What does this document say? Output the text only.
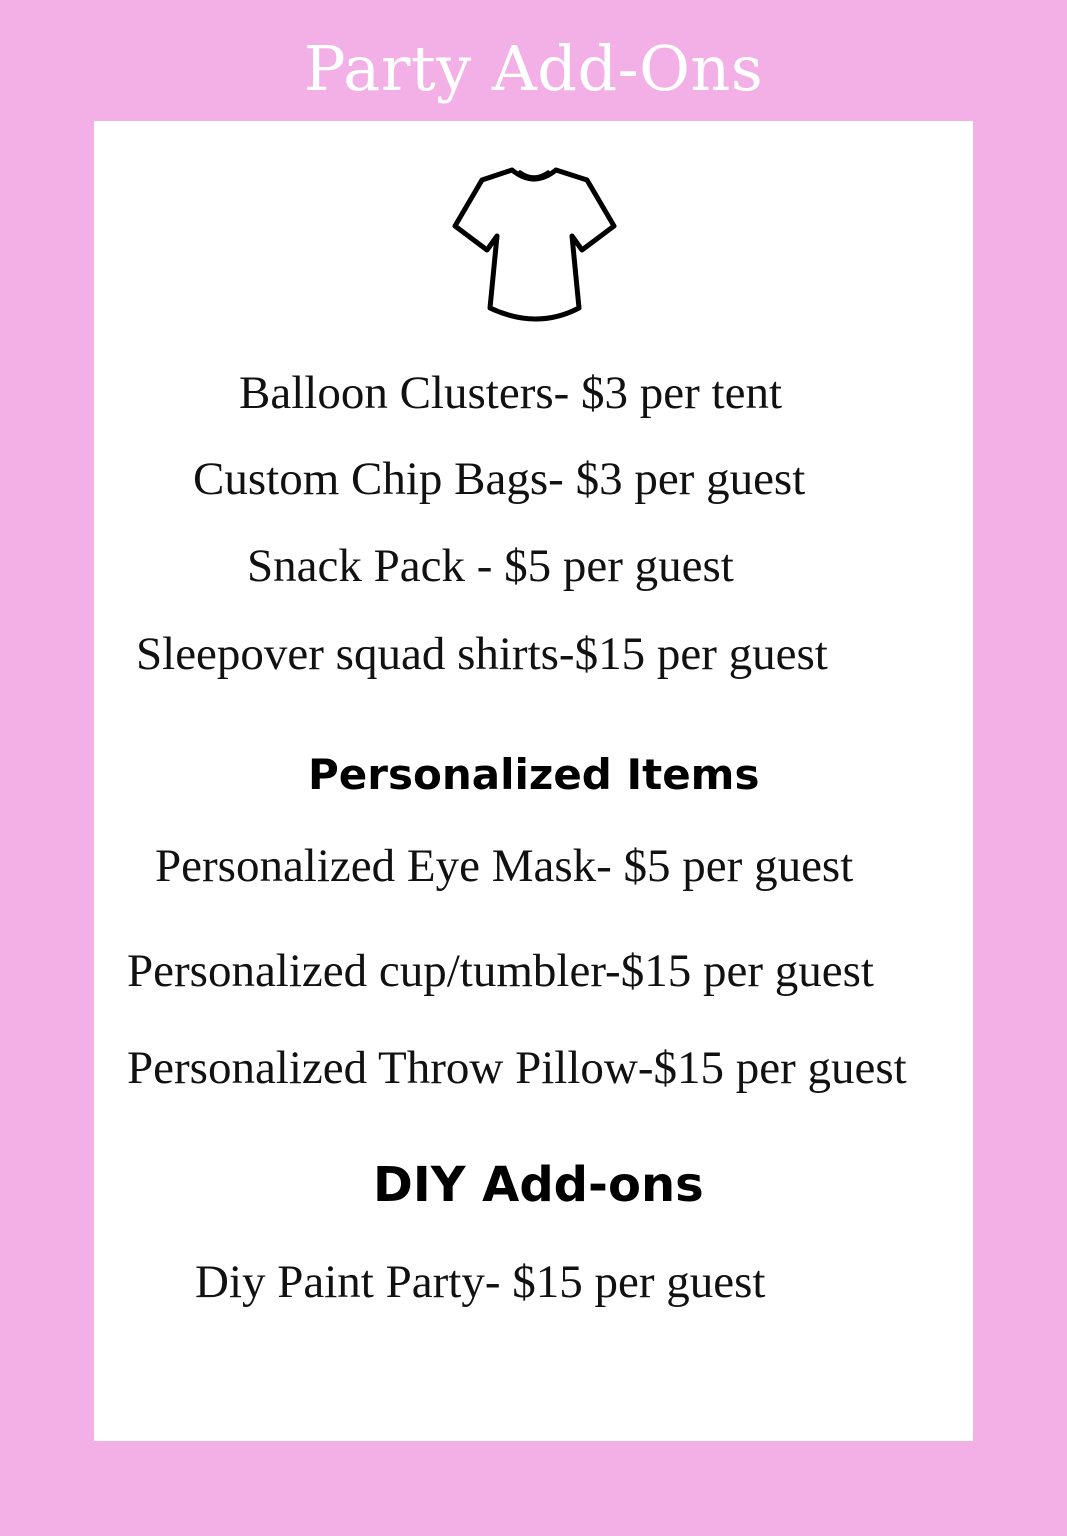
Party Add-Ons
Balloon Clusters- $3 per tent
Custom Chip Bags- $3 per guest
Snack Pack - $5 per guest
Sleepover squad shirts-$15 per guest
Personalized Items
Personalized Eye Mask- $5 per guest
Personalized cup/tumbler-$15 per guest
Personalized Throw Pillow-$15 per guest
DIY Add-ons
Diy Paint Party- $15 per guest
